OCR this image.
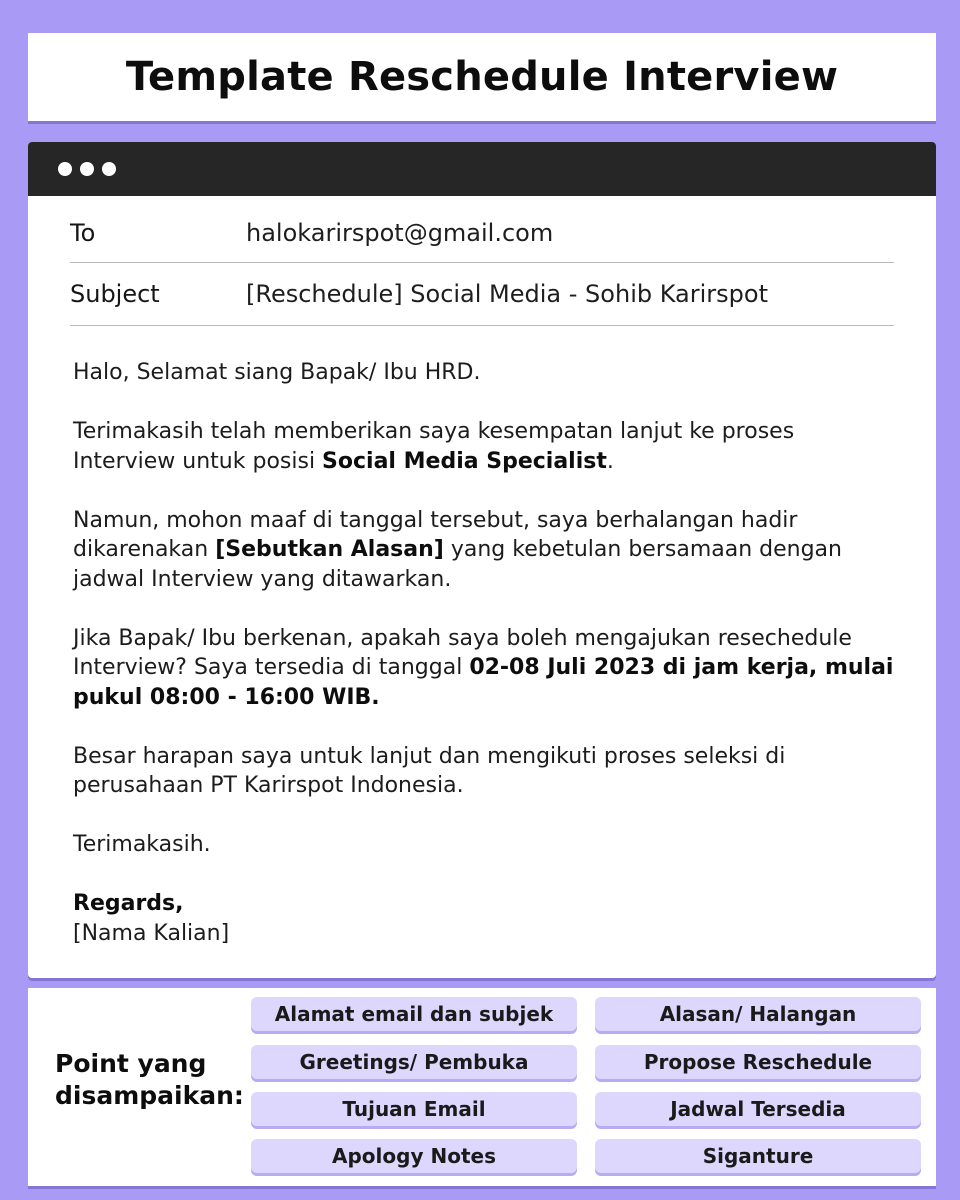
Template Reschedule Interview
To	halokarirspot@gmail.com
Subject	[Reschedule] Social Media - Sohib Karirspot

Halo, Selamat siang Bapak/ Ibu HRD.

Terimakasih telah memberikan saya kesempatan lanjut ke proses Interview untuk posisi Social Media Specialist.

Namun, mohon maaf di tanggal tersebut, saya berhalangan hadir dikarenakan [Sebutkan Alasan] yang kebetulan bersamaan dengan jadwal Interview yang ditawarkan.

Jika Bapak/ Ibu berkenan, apakah saya boleh mengajukan resechedule Interview? Saya tersedia di tanggal 02-08 Juli 2023 di jam kerja, mulai pukul 08:00 - 16:00 WIB.

Besar harapan saya untuk lanjut dan mengikuti proses seleksi di perusahaan PT Karirspot Indonesia.

Terimakasih.

Regards,
[Nama Kalian]
Point yang disampaikan:
Alamat email dan subjek	Alasan/ Halangan
Greetings/ Pembuka	Propose Reschedule
Tujuan Email	Jadwal Tersedia
Apology Notes	Siganture
